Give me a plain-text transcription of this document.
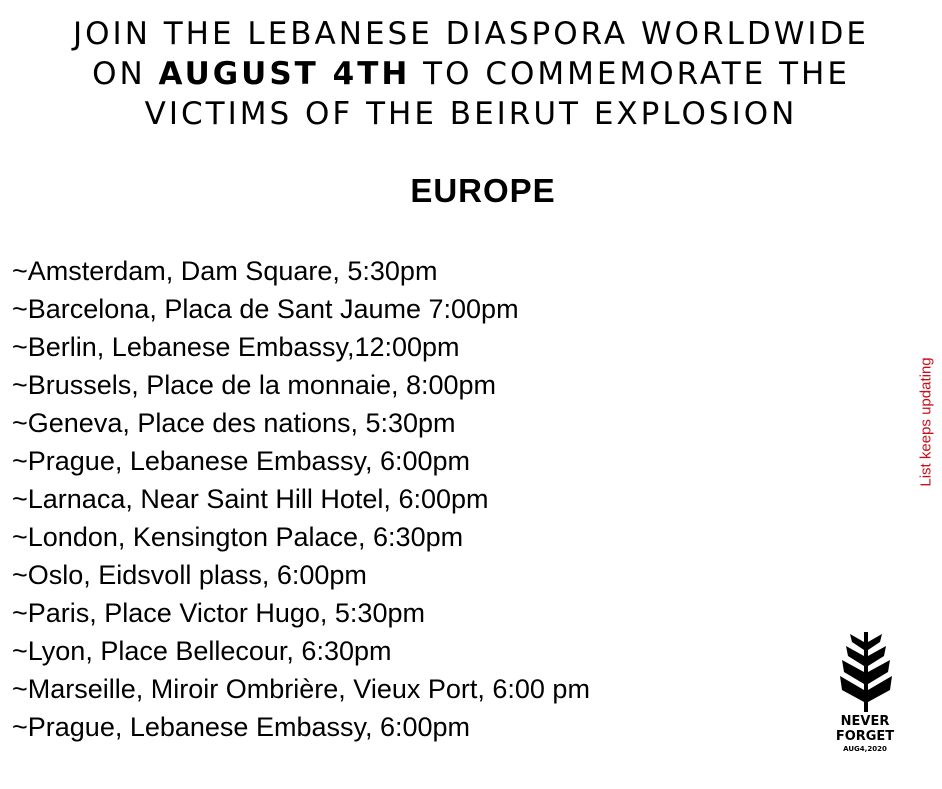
JOIN THE LEBANESE DIASPORA WORLDWIDE
ON AUGUST 4TH TO COMMEMORATE THE
VICTIMS OF THE BEIRUT EXPLOSION
EUROPE
~Amsterdam, Dam Square, 5:30pm
~Barcelona, Placa de Sant Jaume 7:00pm
~Berlin, Lebanese Embassy,12:00pm
~Brussels, Place de la monnaie, 8:00pm
~Geneva, Place des nations, 5:30pm
~Prague, Lebanese Embassy, 6:00pm
~Larnaca, Near Saint Hill Hotel, 6:00pm
~London, Kensington Palace, 6:30pm
~Oslo, Eidsvoll plass, 6:00pm
~Paris, Place Victor Hugo, 5:30pm
~Lyon, Place Bellecour, 6:30pm
~Marseille, Miroir Ombrière, Vieux Port, 6:00 pm
~Prague, Lebanese Embassy, 6:00pm
List keeps updating
NEVER
FORGET
AUG4,2020
